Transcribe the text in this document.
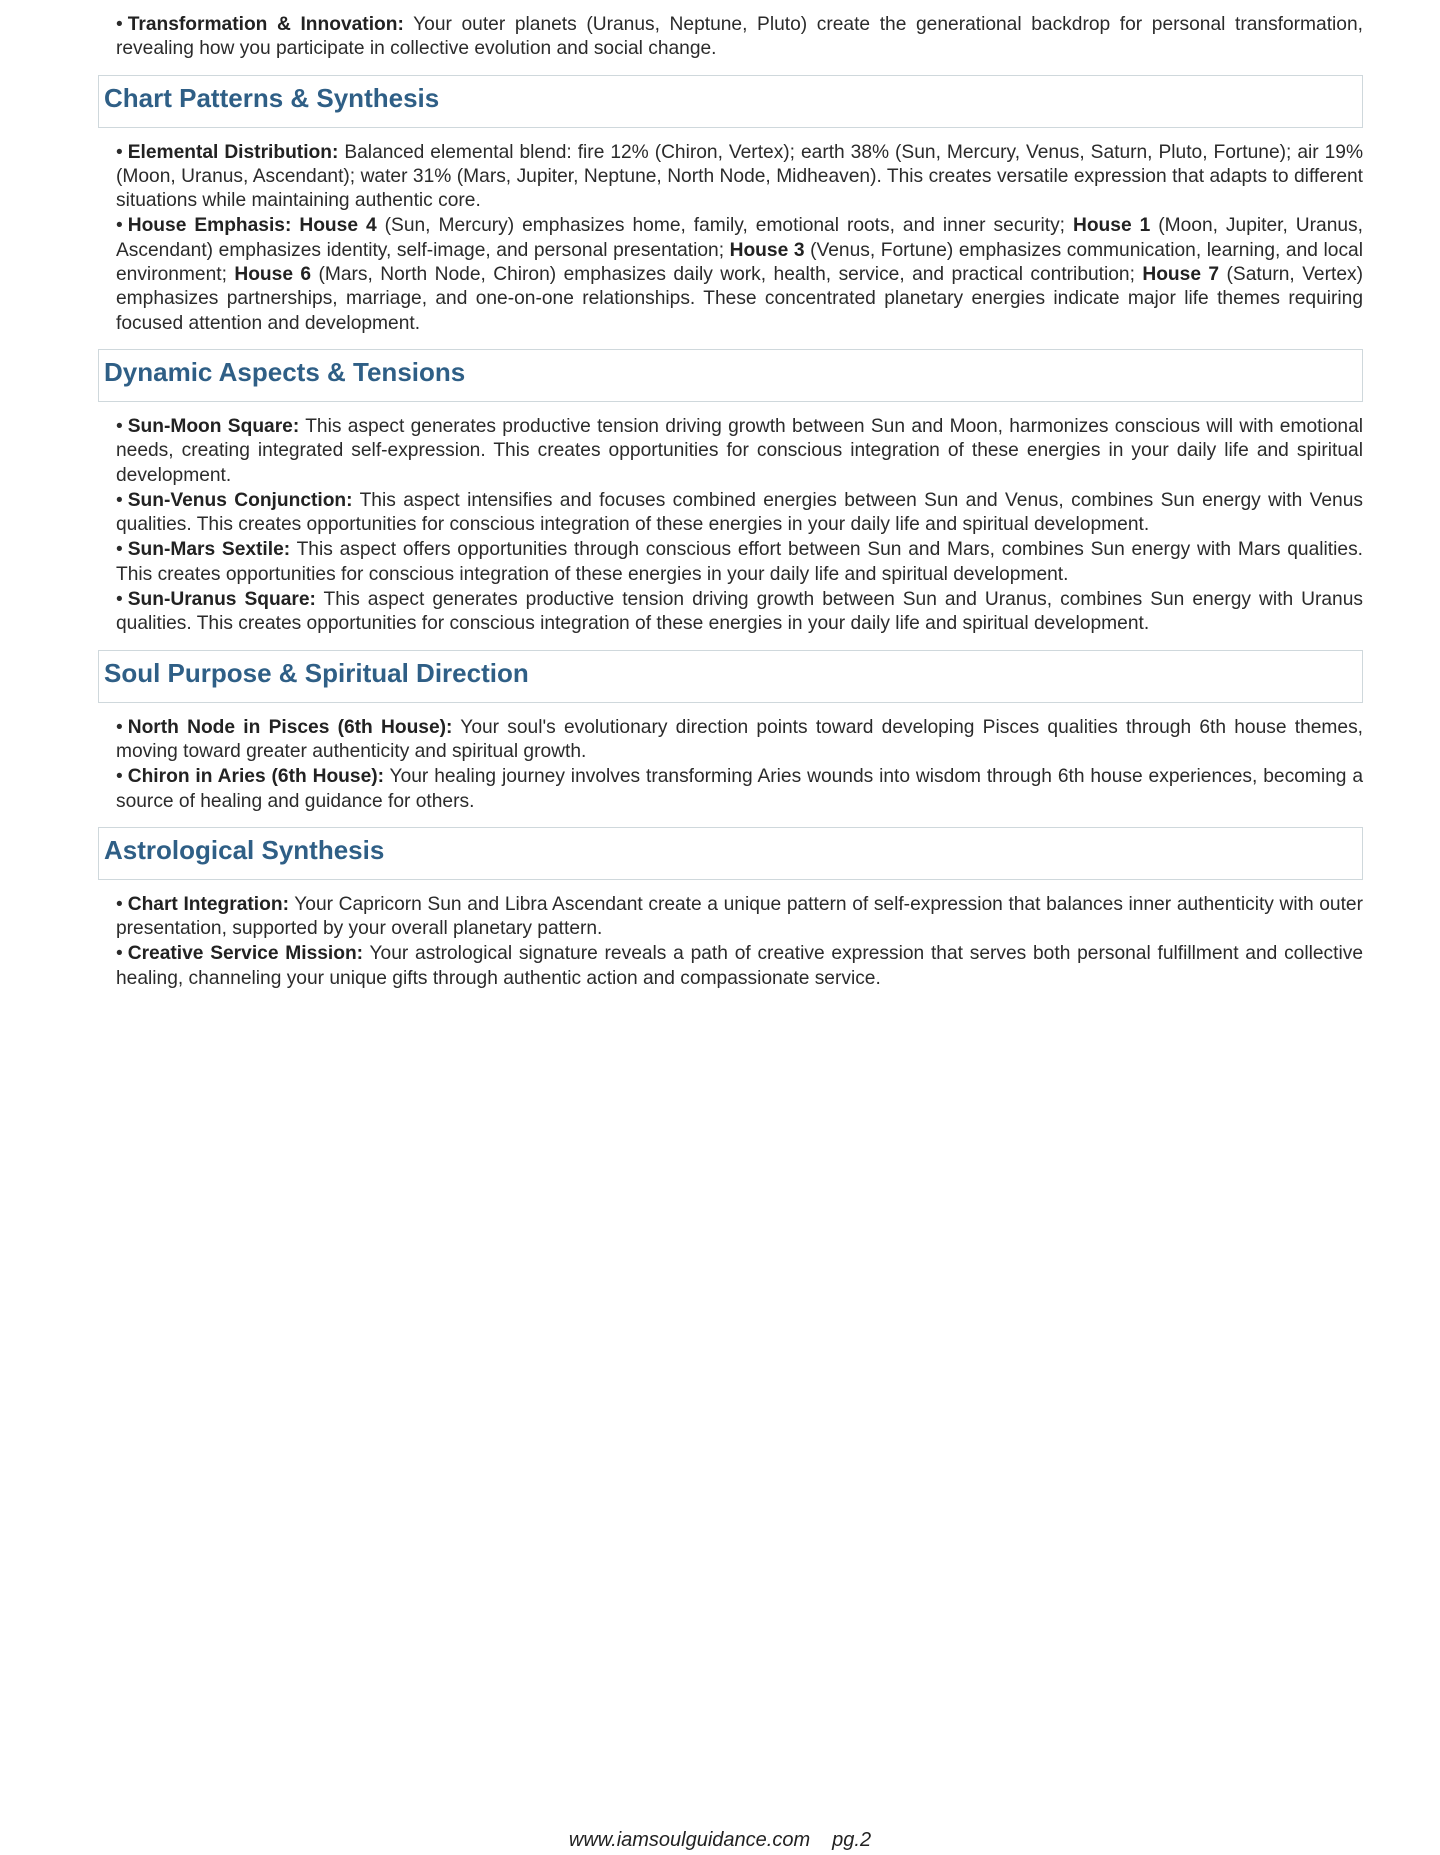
• Transformation & Innovation: Your outer planets (Uranus, Neptune, Pluto) create the generational backdrop for personal transformation, revealing how you participate in collective evolution and social change.

Chart Patterns & Synthesis

• Elemental Distribution: Balanced elemental blend: fire 12% (Chiron, Vertex); earth 38% (Sun, Mercury, Venus, Saturn, Pluto, Fortune); air 19% (Moon, Uranus, Ascendant); water 31% (Mars, Jupiter, Neptune, North Node, Midheaven). This creates versatile expression that adapts to different situations while maintaining authentic core.

• House Emphasis: House 4 (Sun, Mercury) emphasizes home, family, emotional roots, and inner security; House 1 (Moon, Jupiter, Uranus, Ascendant) emphasizes identity, self-image, and personal presentation; House 3 (Venus, Fortune) emphasizes communication, learning, and local environment; House 6 (Mars, North Node, Chiron) emphasizes daily work, health, service, and practical contribution; House 7 (Saturn, Vertex) emphasizes partnerships, marriage, and one-on-one relationships. These concentrated planetary energies indicate major life themes requiring focused attention and development.

Dynamic Aspects & Tensions

• Sun-Moon Square: This aspect generates productive tension driving growth between Sun and Moon, harmonizes conscious will with emotional needs, creating integrated self-expression. This creates opportunities for conscious integration of these energies in your daily life and spiritual development.

• Sun-Venus Conjunction: This aspect intensifies and focuses combined energies between Sun and Venus, combines Sun energy with Venus qualities. This creates opportunities for conscious integration of these energies in your daily life and spiritual development.

• Sun-Mars Sextile: This aspect offers opportunities through conscious effort between Sun and Mars, combines Sun energy with Mars qualities. This creates opportunities for conscious integration of these energies in your daily life and spiritual development.

• Sun-Uranus Square: This aspect generates productive tension driving growth between Sun and Uranus, combines Sun energy with Uranus qualities. This creates opportunities for conscious integration of these energies in your daily life and spiritual development.

Soul Purpose & Spiritual Direction

• North Node in Pisces (6th House): Your soul's evolutionary direction points toward developing Pisces qualities through 6th house themes, moving toward greater authenticity and spiritual growth.

• Chiron in Aries (6th House): Your healing journey involves transforming Aries wounds into wisdom through 6th house experiences, becoming a source of healing and guidance for others.

Astrological Synthesis

• Chart Integration: Your Capricorn Sun and Libra Ascendant create a unique pattern of self-expression that balances inner authenticity with outer presentation, supported by your overall planetary pattern.

• Creative Service Mission: Your astrological signature reveals a path of creative expression that serves both personal fulfillment and collective healing, channeling your unique gifts through authentic action and compassionate service.

www.iamsoulguidance.com pg.2
